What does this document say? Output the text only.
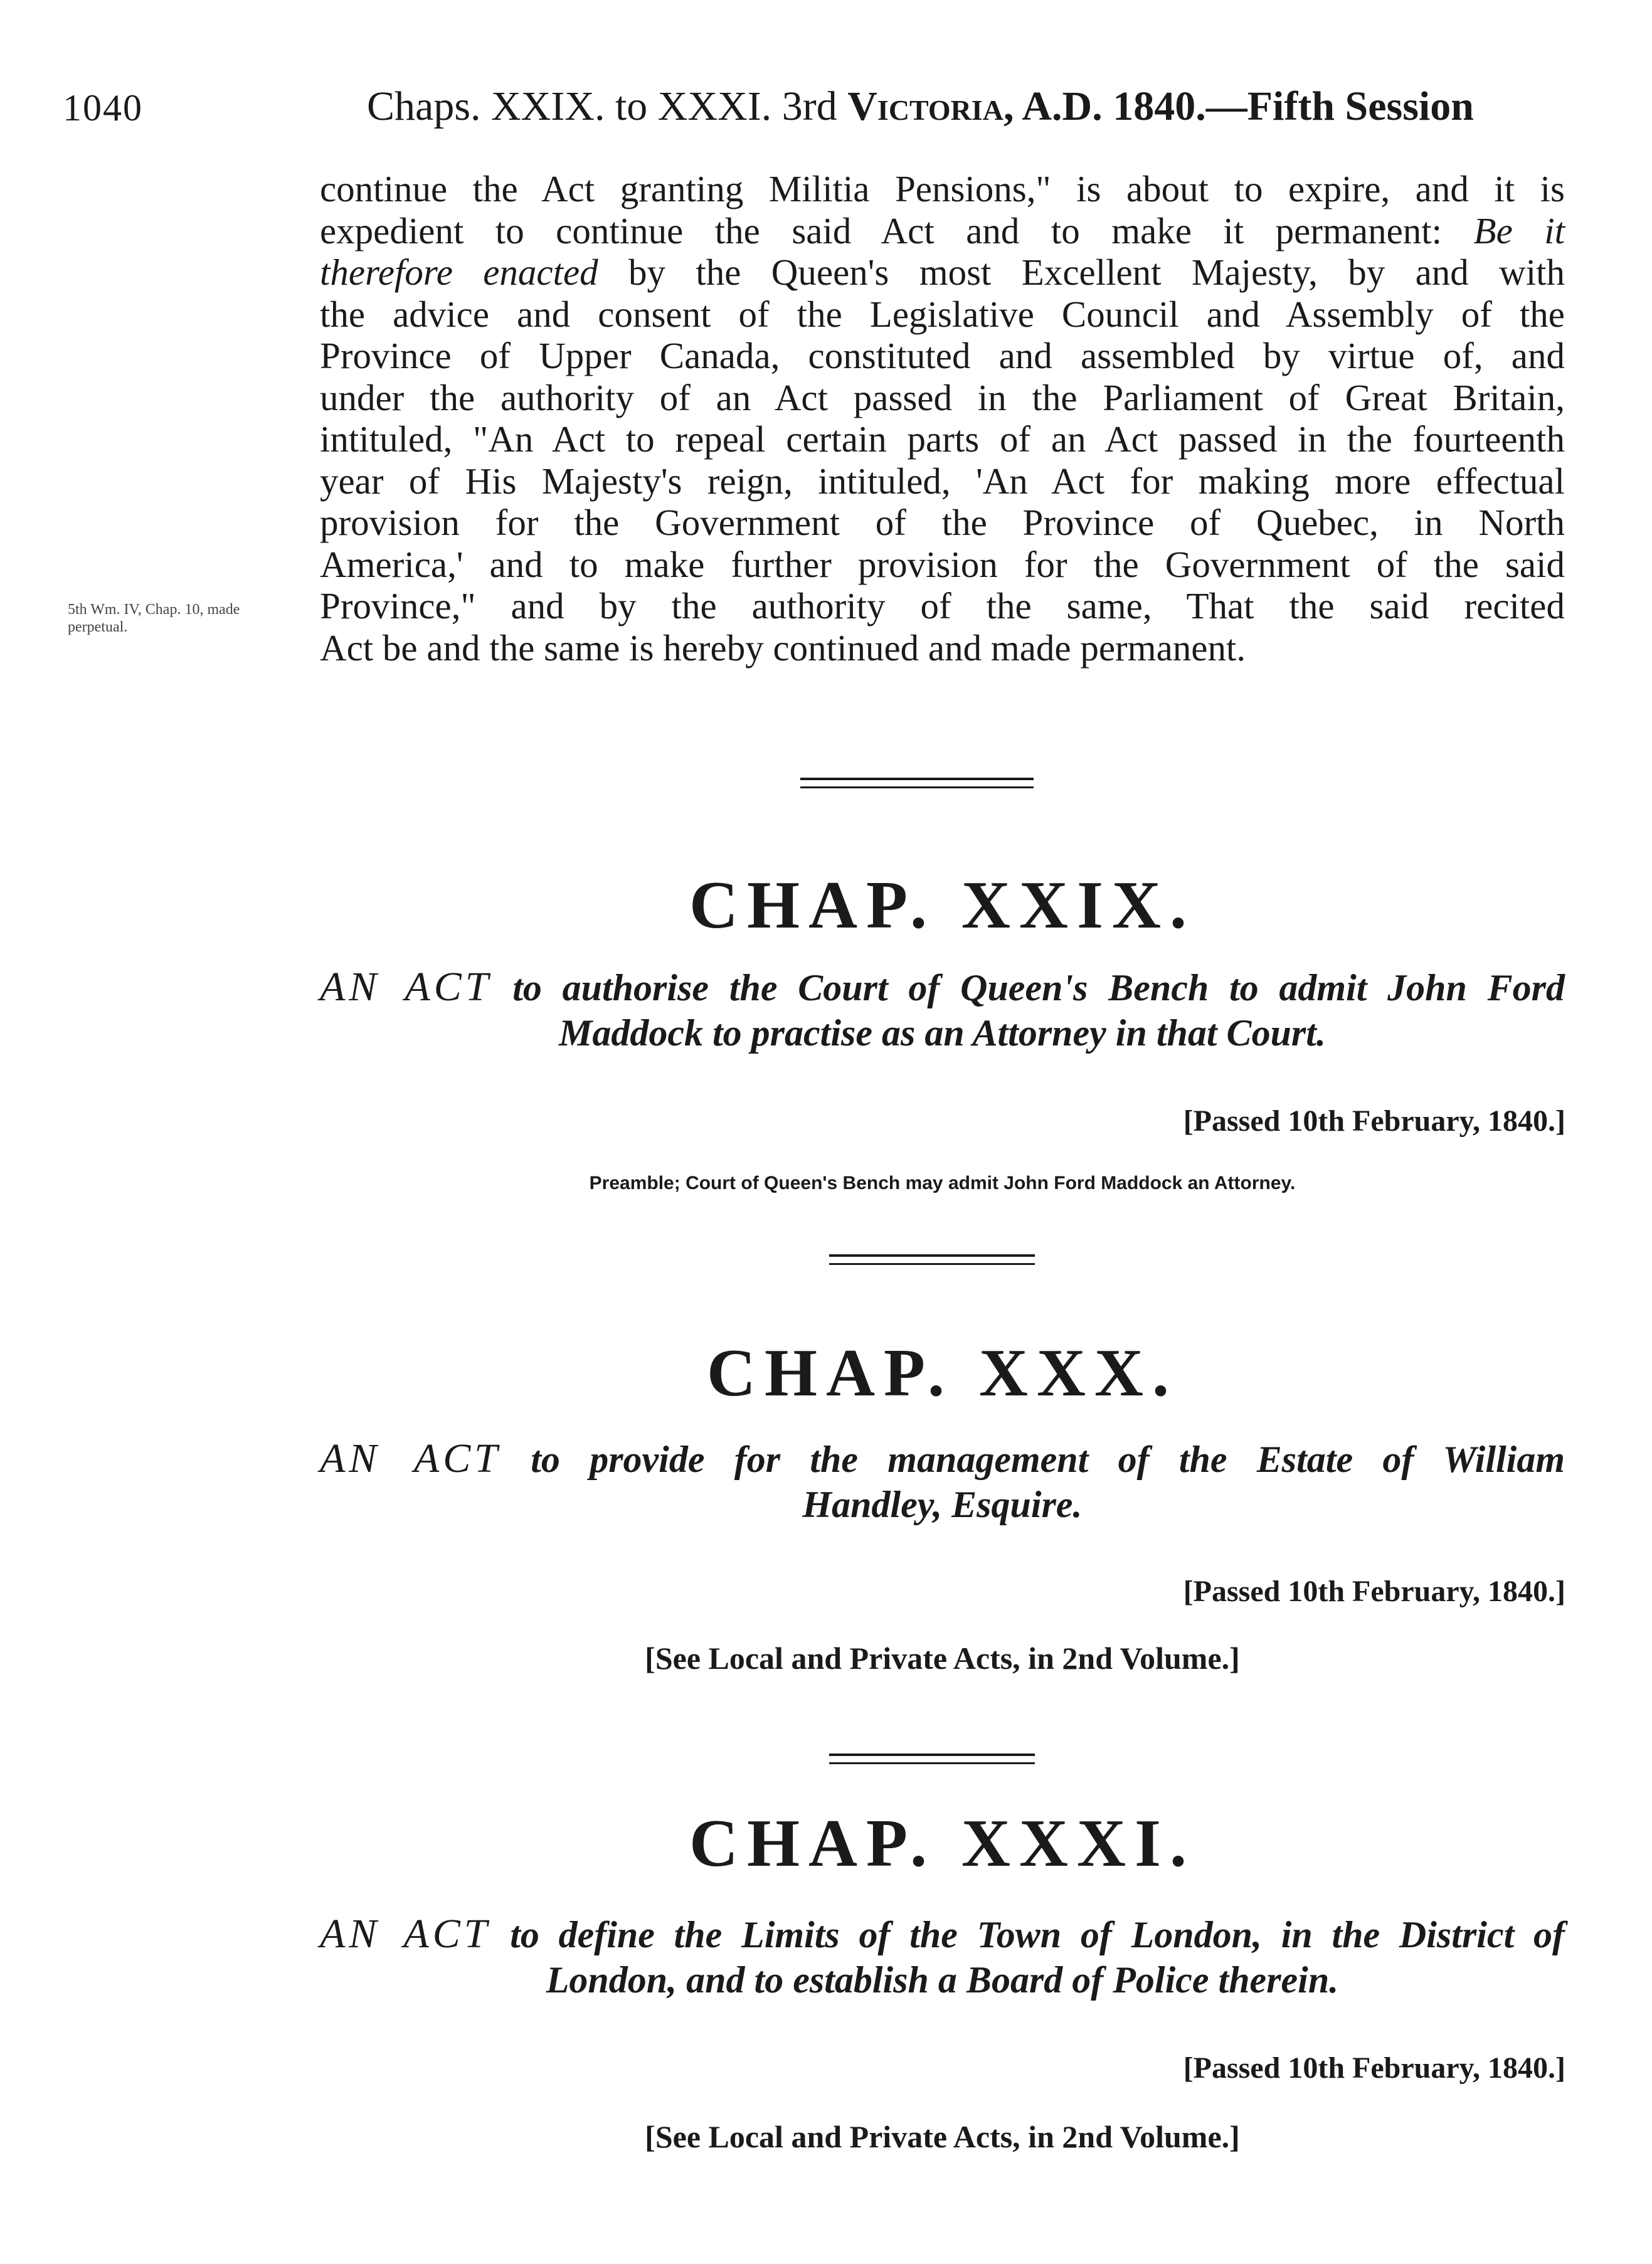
1040	Chaps. XXIX. to XXXI. 3rd Victoria, A.D. 1840.—Fifth Session
continue the Act granting Militia Pensions," is about to expire, and it is
expedient to continue the said Act and to make it permanent: Be it
therefore enacted by the Queen's most Excellent Majesty, by and with
the advice and consent of the Legislative Council and Assembly of the
Province of Upper Canada, constituted and assembled by virtue of, and
under the authority of an Act passed in the Parliament of Great Britain,
intituled, "An Act to repeal certain parts of an Act passed in the fourteenth
year of His Majesty's reign, intituled, 'An Act for making more effectual
provision for the Government of the Province of Quebec, in North
America,' and to make further provision for the Government of the said
Province," and by the authority of the same, That the said recited
Act be and the same is hereby continued and made permanent.
5th Wm. IV, Chap. 10, made perpetual.
CHAP. XXIX.
AN ACT to authorise the Court of Queen's Bench to admit John Ford
Maddock to practise as an Attorney in that Court.
[Passed 10th February, 1840.]
Preamble; Court of Queen's Bench may admit John Ford Maddock an Attorney.
CHAP. XXX.
AN ACT to provide for the management of the Estate of William
Handley, Esquire.
[Passed 10th February, 1840.]
[See Local and Private Acts, in 2nd Volume.]
CHAP. XXXI.
AN ACT to define the Limits of the Town of London, in the District of
London, and to establish a Board of Police therein.
[Passed 10th February, 1840.]
[See Local and Private Acts, in 2nd Volume.]
